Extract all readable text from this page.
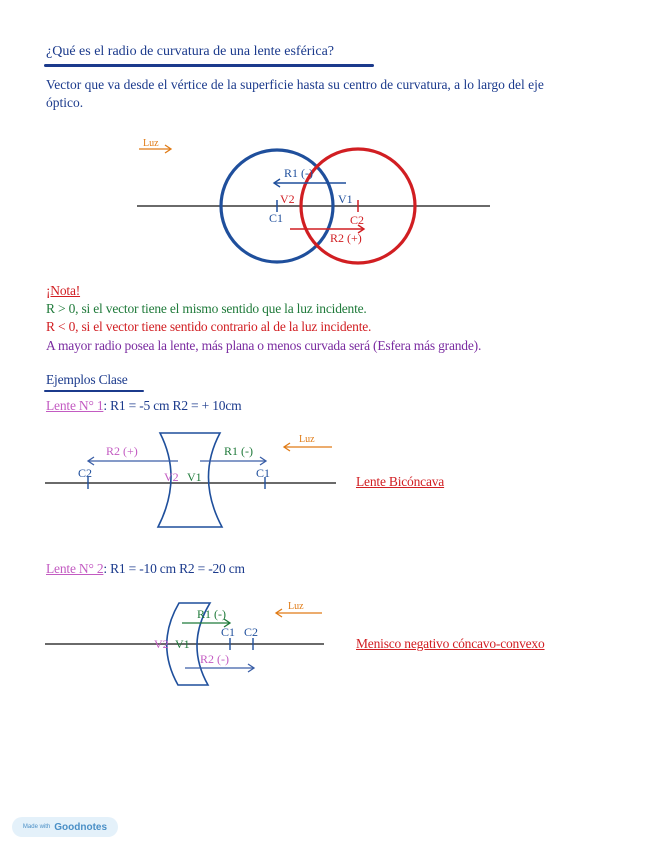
¿Qué es el radio de curvatura de una lente esférica?
Vector que va desde el vértice de la superficie hasta su centro de curvatura, a lo largo del eje óptico.
Luz
R1 (-)
V2	V1
C1	C2
R2 (+)
¡Nota!
R > 0, si el vector tiene el mismo sentido que la luz incidente.
R < 0, si el vector tiene sentido contrario al de la luz incidente.
A mayor radio posea la lente, más plana o menos curvada será (Esfera más grande).
Ejemplos Clase
Lente N° 1: R1 = -5 cm R2 = + 10cm
Luz
R2 (+)	R1 (-)
C2	C1
V2 V1	Lente Bicóncava
Lente N° 2: R1 = -10 cm R2 = -20 cm
Luz
R1 (-)
C1 C2
V2 V1
R2 (-)
Menisco negativo cóncavo-convexo
Made with Goodnotes
